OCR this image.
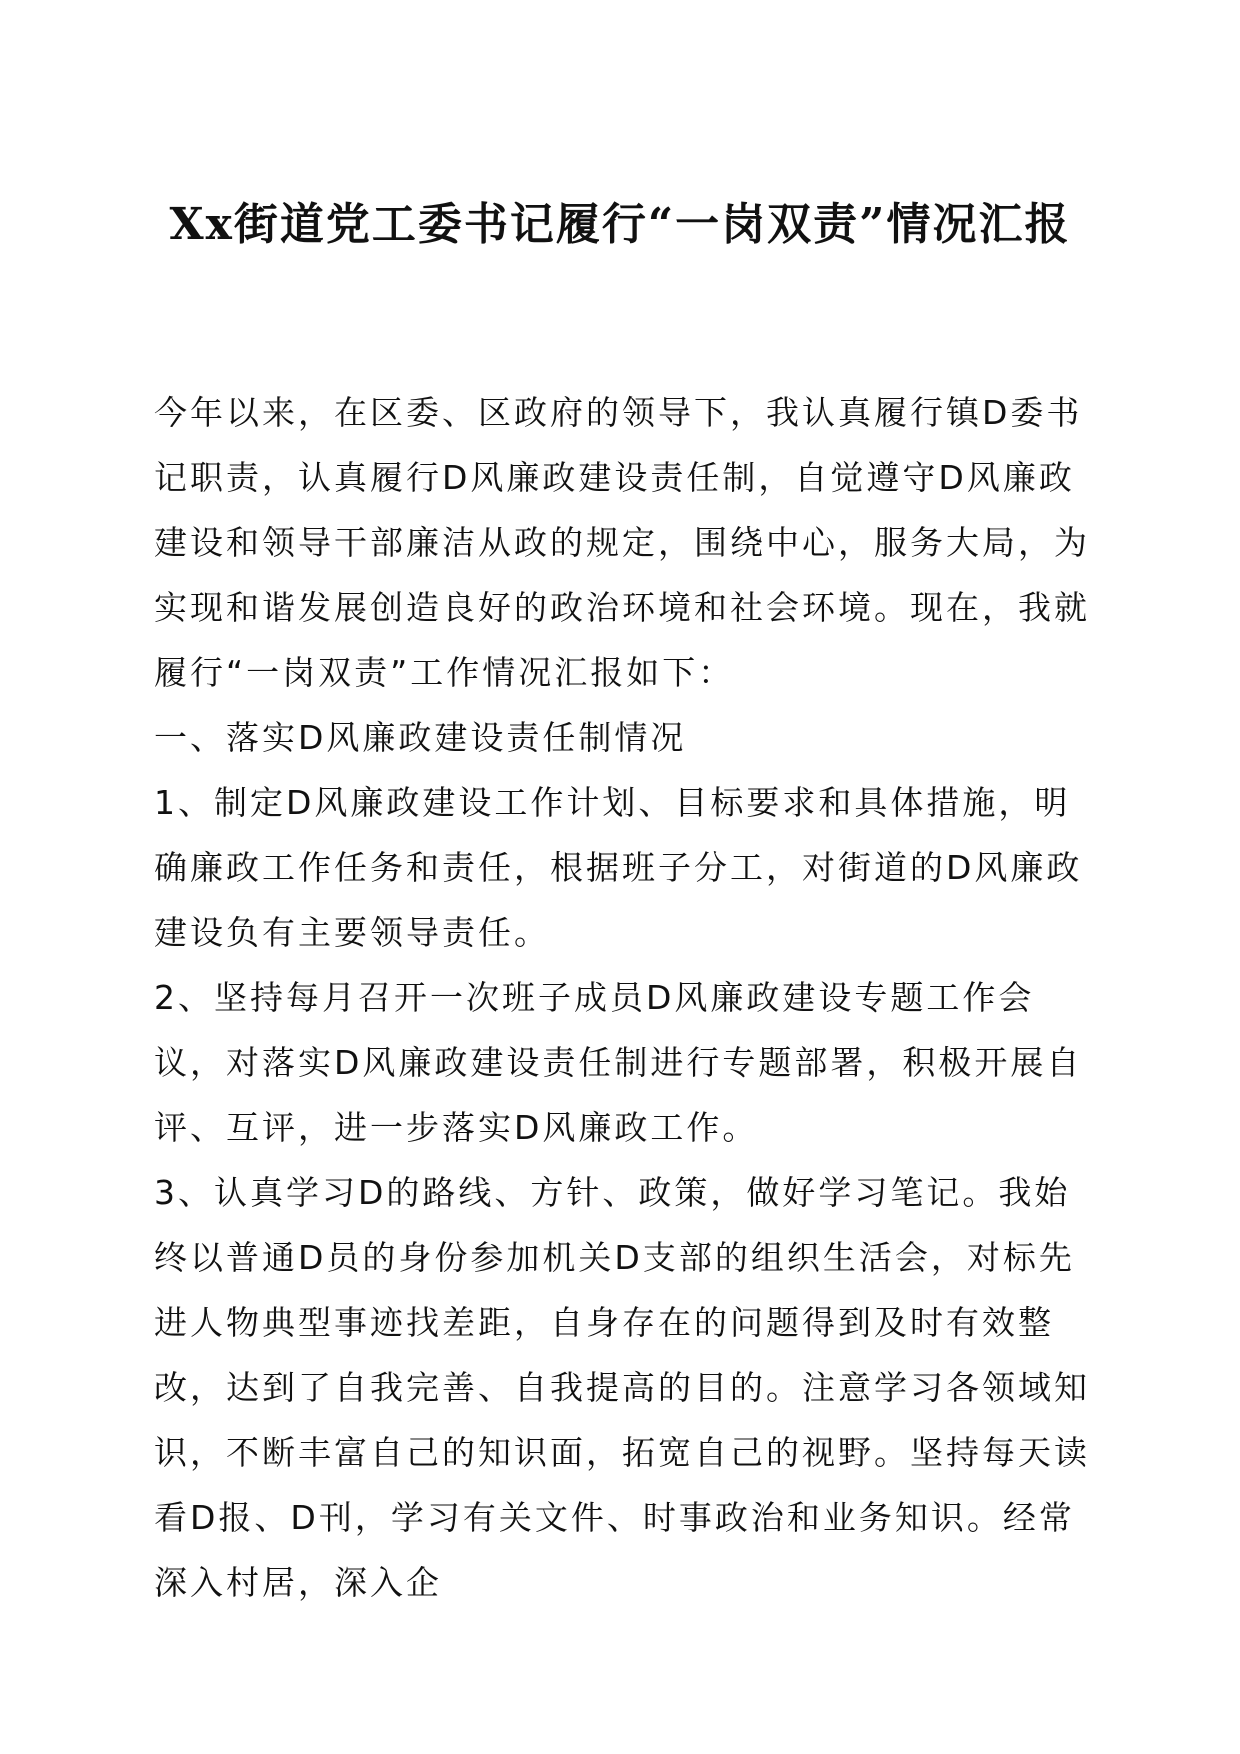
Xx街道党工委书记履行“一岗双责”情况汇报

今年以来，在区委、区政府的领导下，我认真履行镇D委书记职责，认真履行D风廉政建设责任制，自觉遵守D风廉政建设和领导干部廉洁从政的规定，围绕中心，服务大局，为实现和谐发展创造良好的政治环境和社会环境。现在，我就履行“一岗双责”工作情况汇报如下：

一、落实D风廉政建设责任制情况

1、制定D风廉政建设工作计划、目标要求和具体措施，明确廉政工作任务和责任，根据班子分工，对街道的D风廉政建设负有主要领导责任。

2、坚持每月召开一次班子成员D风廉政建设专题工作会议，对落实D风廉政建设责任制进行专题部署，积极开展自评、互评，进一步落实D风廉政工作。

3、认真学习D的路线、方针、政策，做好学习笔记。我始终以普通D员的身份参加机关D支部的组织生活会，对标先进人物典型事迹找差距，自身存在的问题得到及时有效整改，达到了自我完善、自我提高的目的。注意学习各领域知识，不断丰富自己的知识面，拓宽自己的视野。坚持每天读看D报、D刊，学习有关文件、时事政治和业务知识。经常深入村居，深入企
